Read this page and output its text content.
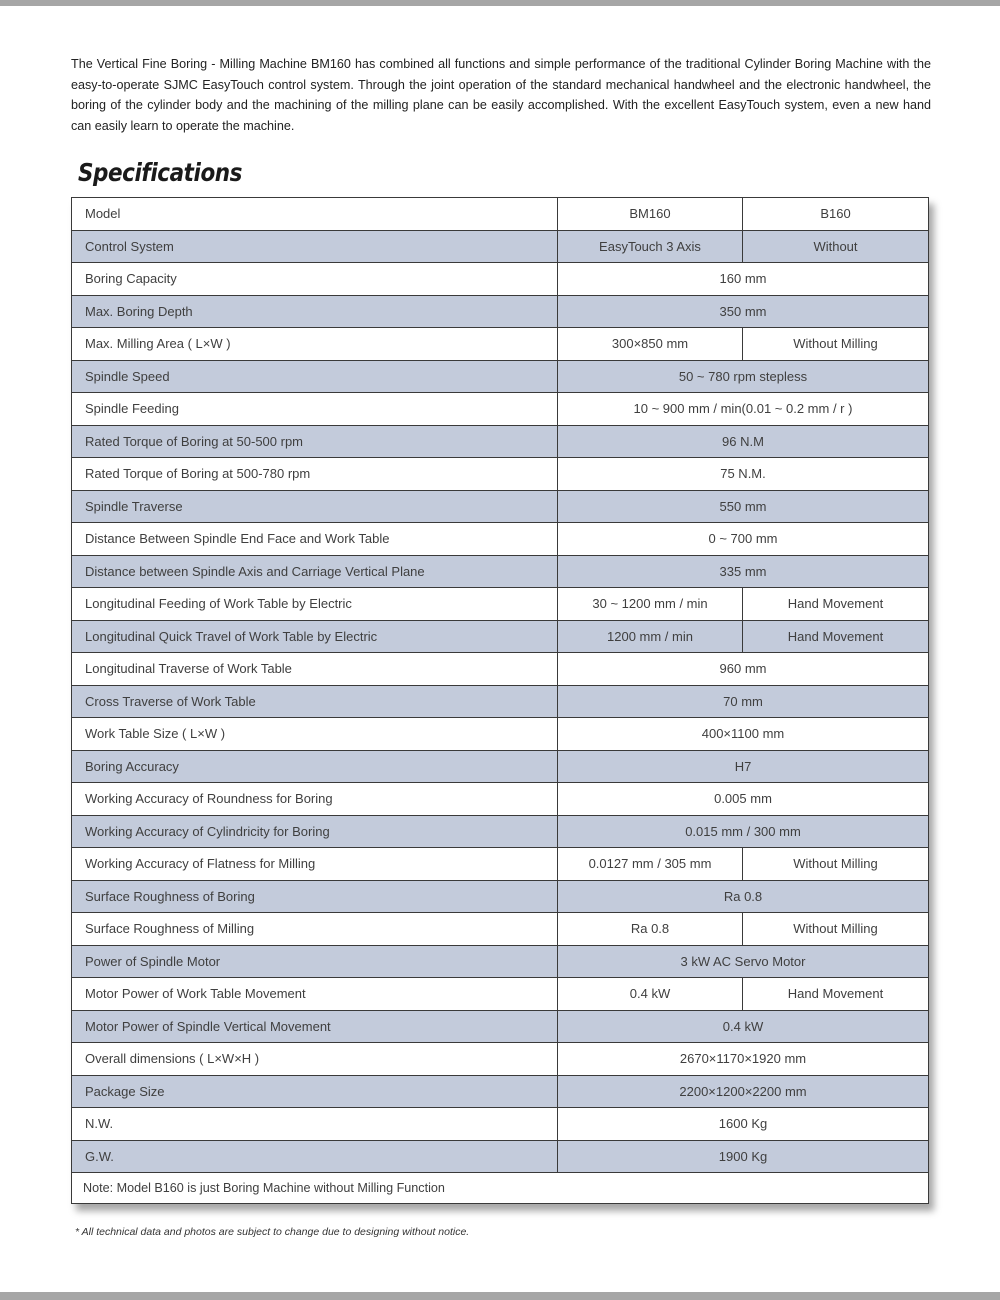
The Vertical Fine Boring - Milling Machine BM160 has combined all functions and simple performance of the traditional Cylinder Boring Machine with the easy-to-operate SJMC EasyTouch control system. Through the joint operation of the standard mechanical handwheel and the electronic handwheel, the boring of the cylinder body and the machining of the milling plane can be easily accomplished. With the excellent EasyTouch system, even a new hand can easily learn to operate the machine.

Specifications
Model	BM160	B160
Control System	EasyTouch 3 Axis	Without
Boring Capacity	160 mm	
Max. Boring Depth	350 mm	
Max. Milling Area ( L×W )	300×850 mm	Without Milling
Spindle Speed	50 ~ 780 rpm stepless	
Spindle Feeding	10 ~ 900 mm / min(0.01 ~ 0.2 mm / r )	
Rated Torque of Boring at 50-500 rpm	96 N.M	
Rated Torque of Boring at 500-780 rpm	75 N.M.	
Spindle Traverse	550 mm	
Distance Between Spindle End Face and Work Table	0 ~ 700 mm	
Distance between Spindle Axis and Carriage Vertical Plane	335 mm	
Longitudinal Feeding of Work Table by Electric	30 ~ 1200 mm / min	Hand Movement
Longitudinal Quick Travel of Work Table by Electric	1200 mm / min	Hand Movement
Longitudinal Traverse of Work Table	960 mm	
Cross Traverse of Work Table	70 mm	
Work Table Size ( L×W )	400×1100 mm	
Boring Accuracy	H7	
Working Accuracy of Roundness for Boring	0.005 mm	
Working Accuracy of Cylindricity for Boring	0.015 mm / 300 mm	
Working Accuracy of Flatness for Milling	0.0127 mm / 305 mm	Without Milling
Surface Roughness of Boring	Ra 0.8	
Surface Roughness of Milling	Ra 0.8	Without Milling
Power of Spindle Motor	3 kW AC Servo Motor	
Motor Power of Work Table Movement	0.4 kW	Hand Movement
Motor Power of Spindle Vertical Movement	0.4 kW	
Overall dimensions ( L×W×H )	2670×1170×1920 mm	
Package Size	2200×1200×2200 mm	
N.W.	1600 Kg	
G.W.	1900 Kg	
Note: Model B160 is just Boring Machine without Milling Function		

* All technical data and photos are subject to change due to designing without notice.
